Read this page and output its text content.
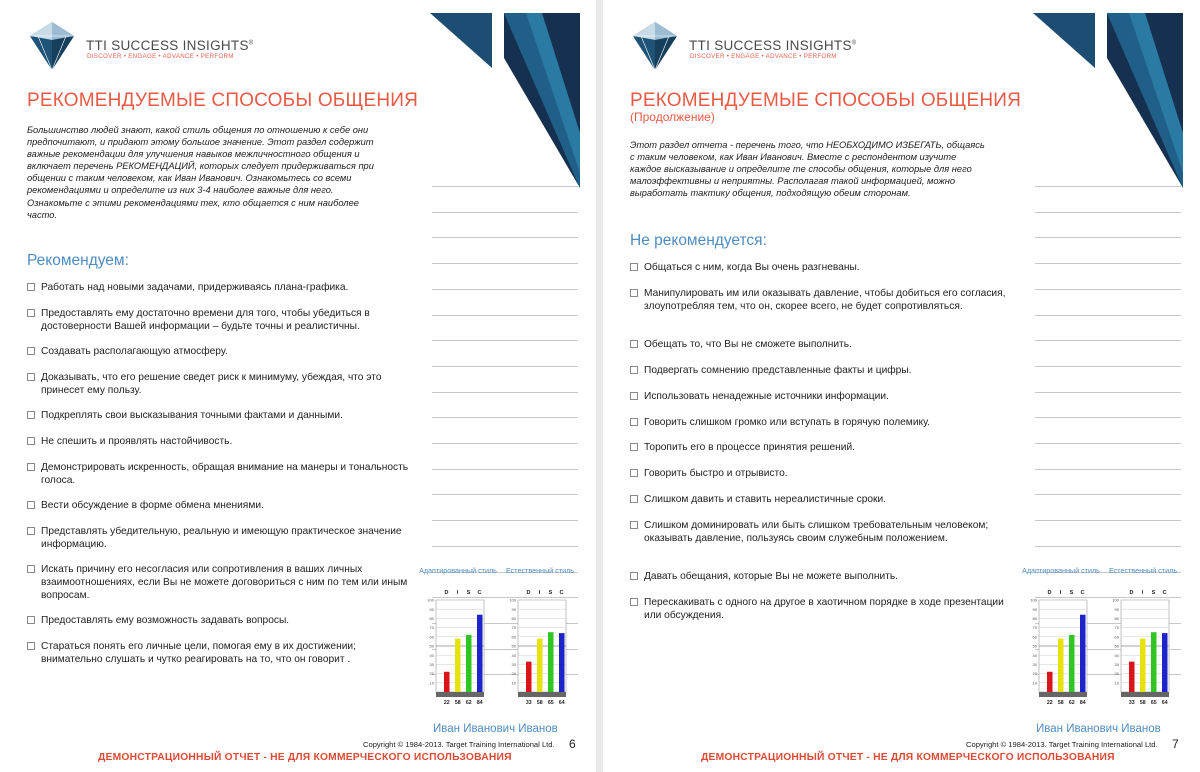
TTI SUCCESS INSIGHTS®
DISCOVER • ENGAGE • ADVANCE • PERFORM
РЕКОМЕНДУЕМЫЕ СПОСОБЫ ОБЩЕНИЯ
Большинство людей знают, какой стиль общения по отношению к себе они предпочитают, и придают этому большое значение. Этот раздел содержит важные рекомендации для улучшения навыков межличностного общения и включает перечень РЕКОМЕНДАЦИЙ, которых следует придерживаться при общении с таким человеком, как Иван Иванович. Ознакомьтесь со всеми рекомендациями и определите из них 3-4 наиболее важные для него. Ознакомьте с этими рекомендациями тех, кто общается с ним наиболее часто.
Рекомендуем:
Работать над новыми задачами, придерживаясь плана-графика.
Предоставлять ему достаточно времени для того, чтобы убедиться в достоверности Вашей информации – будьте точны и реалистичны.
Создавать располагающую атмосферу.
Доказывать, что его решение сведет риск к минимуму, убеждая, что это принесет ему пользу.
Подкреплять свои высказывания точными фактами и данными.
Не спешить и проявлять настойчивость.
Демонстрировать искренность, обращая внимание на манеры и тональность голоса.
Вести обсуждение в форме обмена мнениями.
Представлять убедительную, реальную и имеющую практическое значение информацию.
Искать причину его несогласия или сопротивления в ваших личных взаимоотношениях, если Вы не можете договориться с ним по тем или иным вопросам.
Предоставлять ему возможность задавать вопросы.
Стараться понять его личные цели, помогая ему в их достижении; внимательно слушать и чутко реагировать на то, что он говорит .
Адаптированный стиль
D I S C
10
20
30
40
50
60
70
80
90
100
22 58 62 84
Естественный стиль
D I S C
10
20
30
40
50
60
70
80
90
100
33 58 65 64
Иван Иванович Иванов
Copyright © 1984-2013. Target Training International Ltd. 6
ДЕМОНСТРАЦИОННЫЙ ОТЧЕТ - НЕ ДЛЯ КОММЕРЧЕСКОГО ИСПОЛЬЗОВАНИЯ
TTI SUCCESS INSIGHTS®
DISCOVER • ENGAGE • ADVANCE • PERFORM
РЕКОМЕНДУЕМЫЕ СПОСОБЫ ОБЩЕНИЯ
(Продолжение)
Этот раздел отчета - перечень того, что НЕОБХОДИМО ИЗБЕГАТЬ, общаясь с таким человеком, как Иван Иванович. Вместе с респондентом изучите каждое высказывание и определите те способы общения, которые для него малоэффективны и неприятны. Располагая такой информацией, можно выработать тактику общения, подходящую обеим сторонам.
Не рекомендуется:
Общаться с ним, когда Вы очень разгневаны.
Манипулировать им или оказывать давление, чтобы добиться его согласия, злоупотребляя тем, что он, скорее всего, не будет сопротивляться.
Обещать то, что Вы не сможете выполнить.
Подвергать сомнению представленные факты и цифры.
Использовать ненадежные источники информации.
Говорить слишком громко или вступать в горячую полемику.
Торопить его в процессе принятия решений.
Говорить быстро и отрывисто.
Слишком давить и ставить нереалистичные сроки.
Слишком доминировать или быть слишком требовательным человеком; оказывать давление, пользуясь своим служебным положением.
Давать обещания, которые Вы не можете выполнить.
Перескакивать с одного на другое в хаотичном порядке в ходе презентации или обсуждения.
Адаптированный стиль
D I S C
10
20
30
40
50
60
70
80
90
100
22 58 62 84
Естественный стиль
D I S C
10
20
30
40
50
60
70
80
90
100
33 58 65 64
Иван Иванович Иванов
Copyright © 1984-2013. Target Training International Ltd. 7
ДЕМОНСТРАЦИОННЫЙ ОТЧЕТ - НЕ ДЛЯ КОММЕРЧЕСКОГО ИСПОЛЬЗОВАНИЯ
